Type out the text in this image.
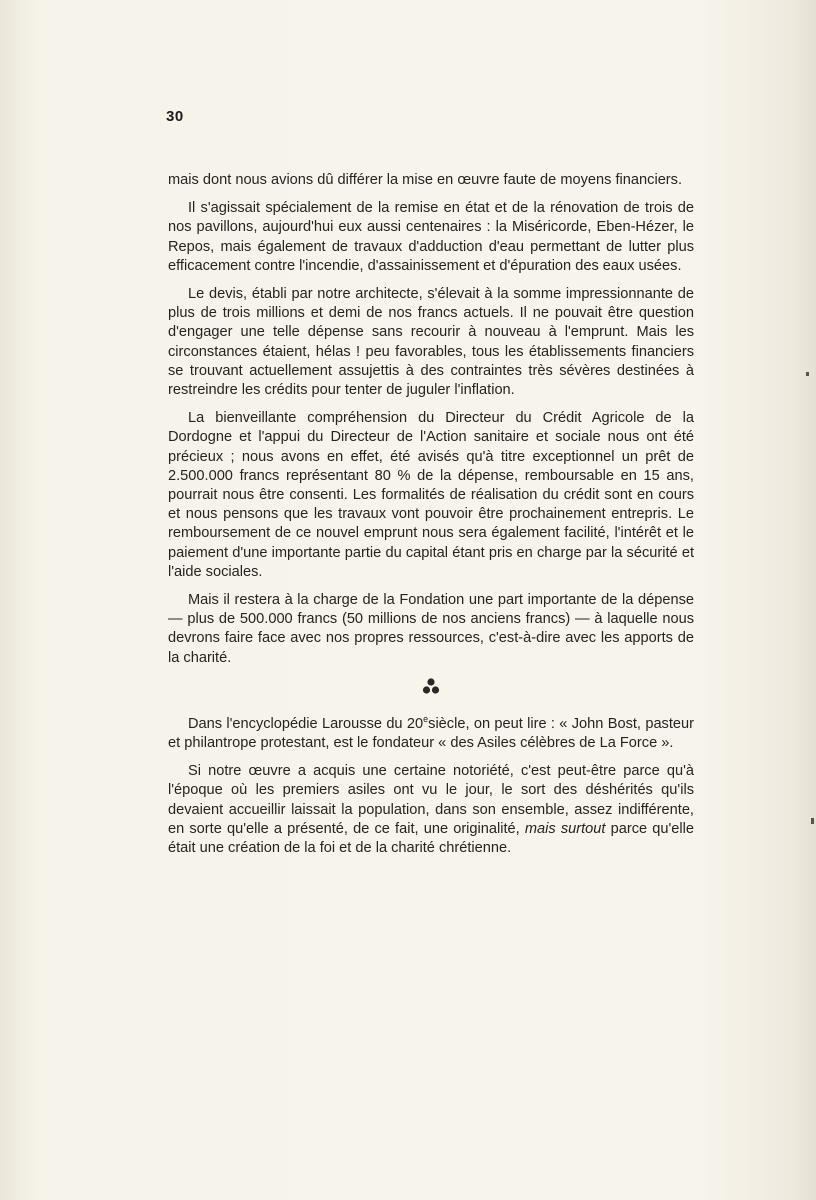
30

mais dont nous avions dû différer la mise en œuvre faute de moyens financiers.

Il s'agissait spécialement de la remise en état et de la rénovation de trois de nos pavillons, aujourd'hui eux aussi centenaires : la Miséricorde, Eben-Hézer, le Repos, mais également de travaux d'adduction d'eau permettant de lutter plus efficacement contre l'incendie, d'assainissement et d'épuration des eaux usées.

Le devis, établi par notre architecte, s'élevait à la somme impressionnante de plus de trois millions et demi de nos francs actuels. Il ne pouvait être question d'engager une telle dépense sans recourir à nouveau à l'emprunt. Mais les circonstances étaient, hélas ! peu favorables, tous les établissements financiers se trouvant actuellement assujettis à des contraintes très sévères destinées à restreindre les crédits pour tenter de juguler l'inflation.

La bienveillante compréhension du Directeur du Crédit Agricole de la Dordogne et l'appui du Directeur de l'Action sanitaire et sociale nous ont été précieux ; nous avons en effet, été avisés qu'à titre exceptionnel un prêt de 2.500.000 francs représentant 80 % de la dépense, remboursable en 15 ans, pourrait nous être consenti. Les formalités de réalisation du crédit sont en cours et nous pensons que les travaux vont pouvoir être prochainement entrepris. Le remboursement de ce nouvel emprunt nous sera également facilité, l'intérêt et le paiement d'une importante partie du capital étant pris en charge par la sécurité et l'aide sociales.

Mais il restera à la charge de la Fondation une part importante de la dépense — plus de 500.000 francs (50 millions de nos anciens francs) — à laquelle nous devrons faire face avec nos propres ressources, c'est-à-dire avec les apports de la charité.

Dans l'encyclopédie Larousse du 20esiècle, on peut lire : « John Bost, pasteur et philantrope protestant, est le fondateur « des Asiles célèbres de La Force ».

Si notre œuvre a acquis une certaine notoriété, c'est peut-être parce qu'à l'époque où les premiers asiles ont vu le jour, le sort des déshérités qu'ils devaient accueillir laissait la population, dans son ensemble, assez indifférente, en sorte qu'elle a présenté, de ce fait, une originalité, mais surtout parce qu'elle était une création de la foi et de la charité chrétienne.
